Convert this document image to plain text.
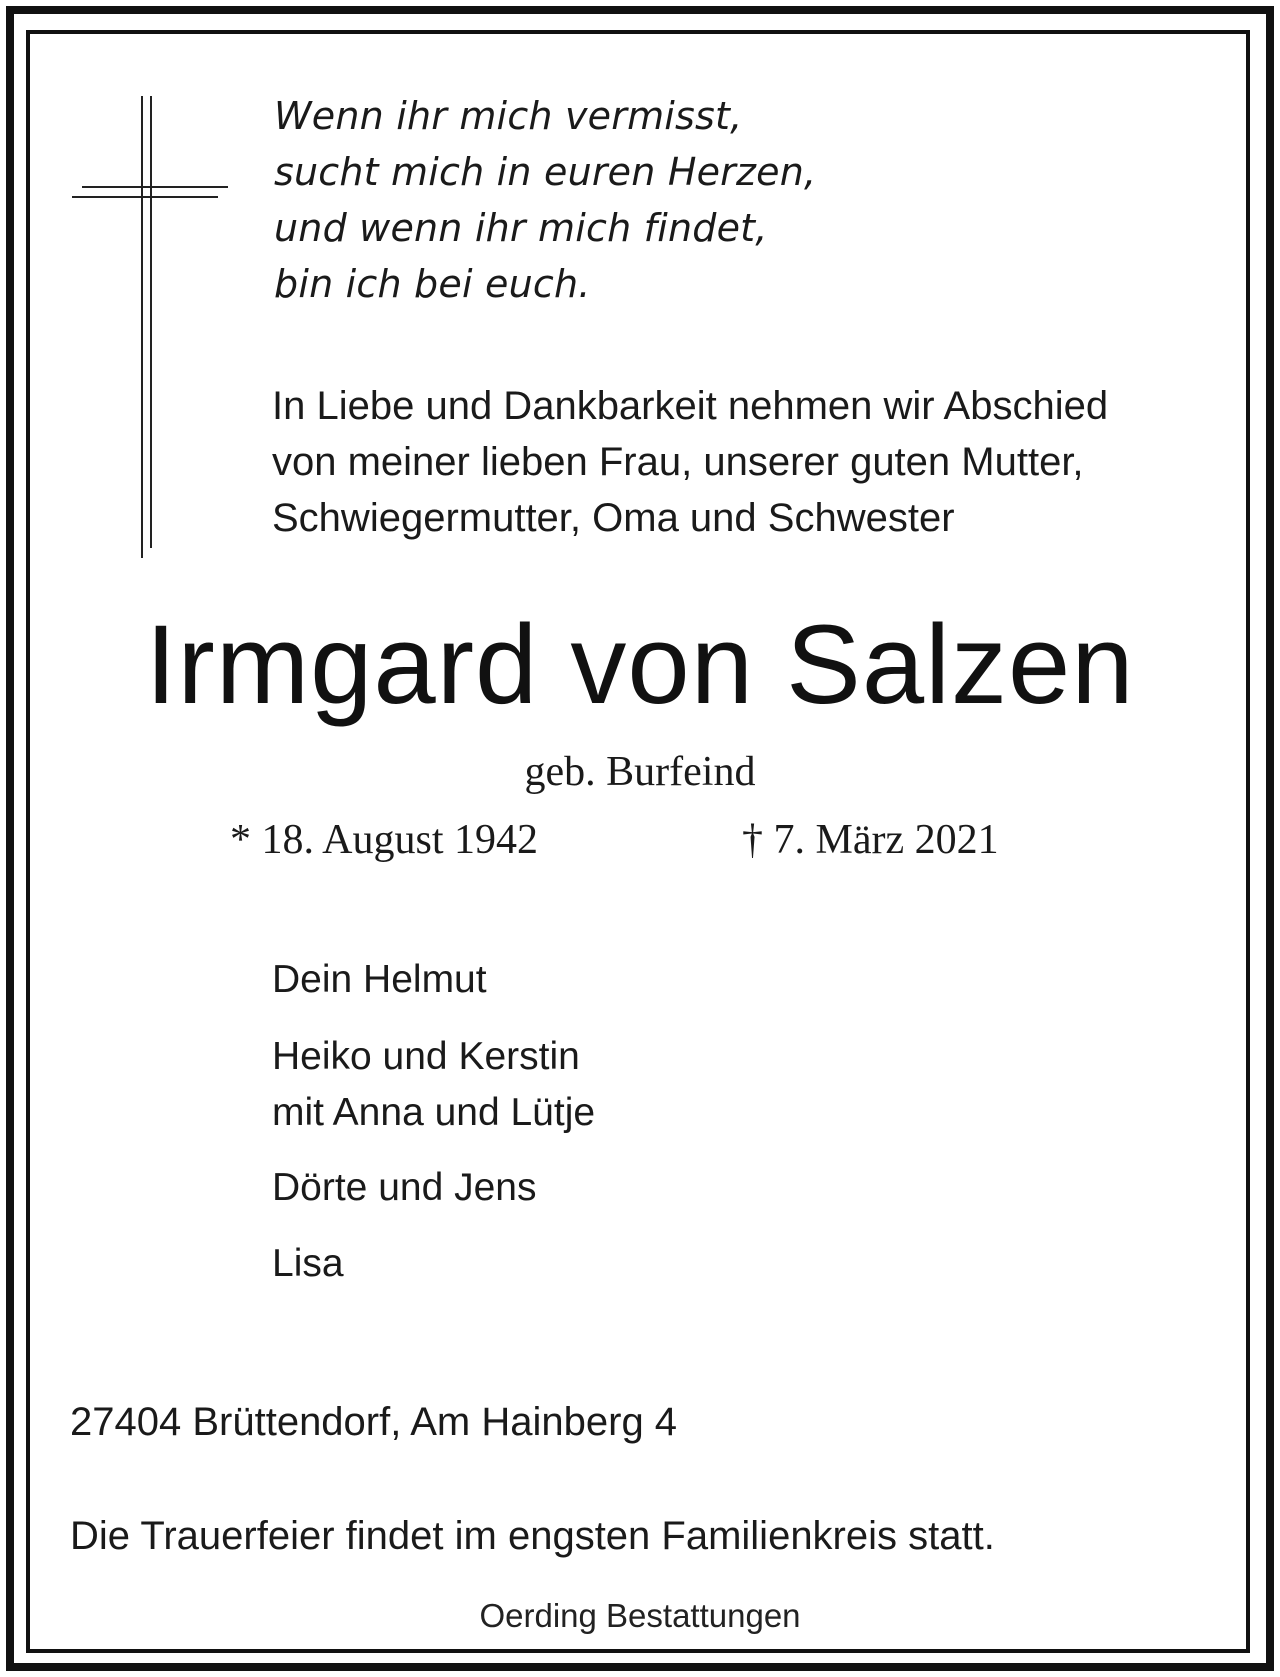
Wenn ihr mich vermisst,
sucht mich in euren Herzen,
und wenn ihr mich findet,
bin ich bei euch.
In Liebe und Dankbarkeit nehmen wir Abschied
von meiner lieben Frau, unserer guten Mutter,
Schwiegermutter, Oma und Schwester
Irmgard von Salzen
geb. Burfeind
* 18. August 1942	† 7. März 2021
Dein Helmut
Heiko und Kerstin
mit Anna und Lütje
Dörte und Jens
Lisa
27404 Brüttendorf, Am Hainberg 4
Die Trauerfeier findet im engsten Familienkreis statt.
Oerding Bestattungen
